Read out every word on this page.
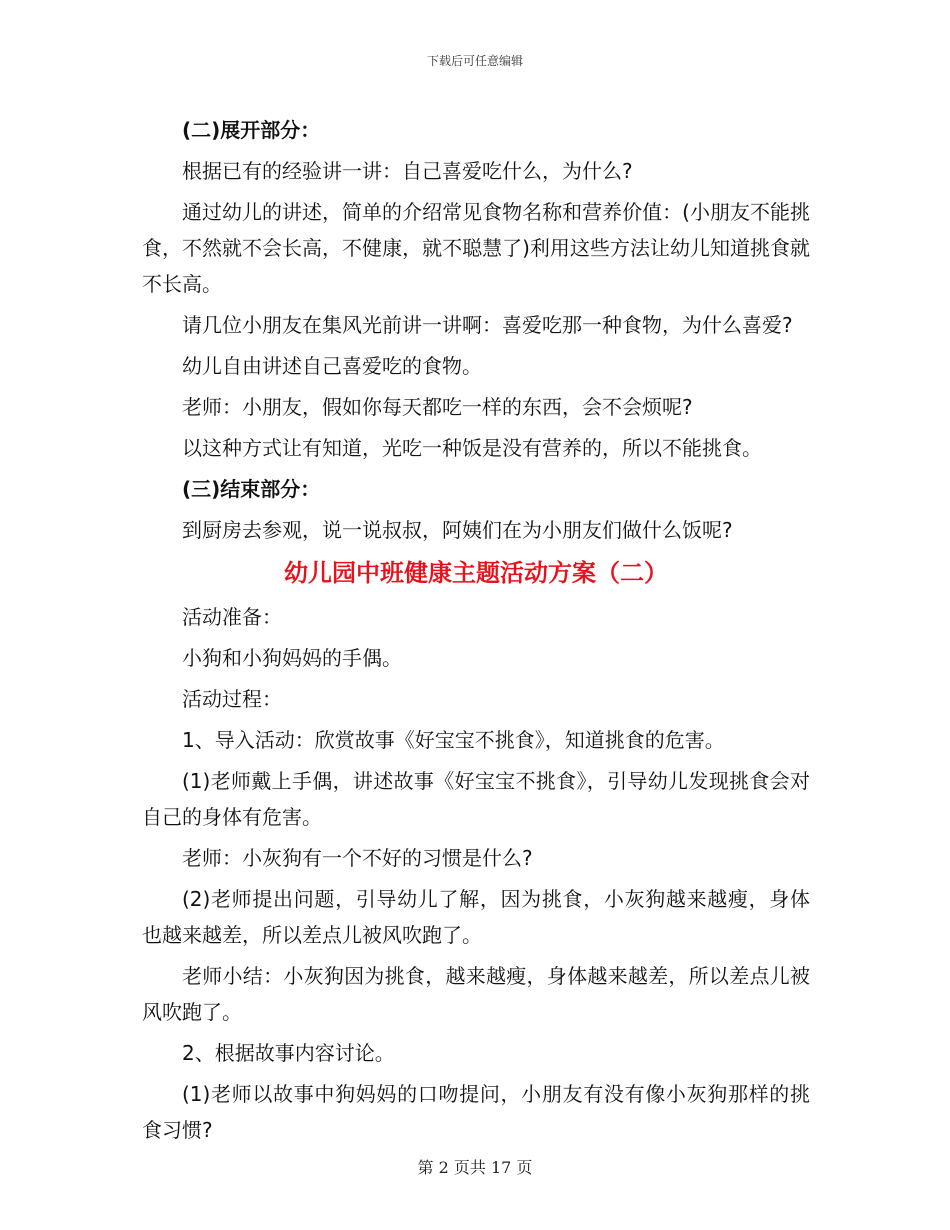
下载后可任意编辑

(二)展开部分：

根据已有的经验讲一讲：自己喜爱吃什么，为什么?

通过幼儿的讲述，简单的介绍常见食物名称和营养价值：(小朋友不能挑食，不然就不会长高，不健康，就不聪慧了)利用这些方法让幼儿知道挑食就不长高。

请几位小朋友在集风光前讲一讲啊：喜爱吃那一种食物，为什么喜爱?

幼儿自由讲述自己喜爱吃的食物。

老师：小朋友，假如你每天都吃一样的东西，会不会烦呢?

以这种方式让有知道，光吃一种饭是没有营养的，所以不能挑食。

(三)结束部分：

到厨房去参观，说一说叔叔，阿姨们在为小朋友们做什么饭呢?

幼儿园中班健康主题活动方案（二）

活动准备：

小狗和小狗妈妈的手偶。

活动过程：

1、导入活动：欣赏故事《好宝宝不挑食》，知道挑食的危害。

(1)老师戴上手偶，讲述故事《好宝宝不挑食》，引导幼儿发现挑食会对自己的身体有危害。

老师：小灰狗有一个不好的习惯是什么?

(2)老师提出问题，引导幼儿了解，因为挑食，小灰狗越来越瘦，身体也越来越差，所以差点儿被风吹跑了。

老师小结：小灰狗因为挑食，越来越瘦，身体越来越差，所以差点儿被风吹跑了。

2、根据故事内容讨论。

(1)老师以故事中狗妈妈的口吻提问，小朋友有没有像小灰狗那样的挑食习惯?

第 2 页共 17 页
